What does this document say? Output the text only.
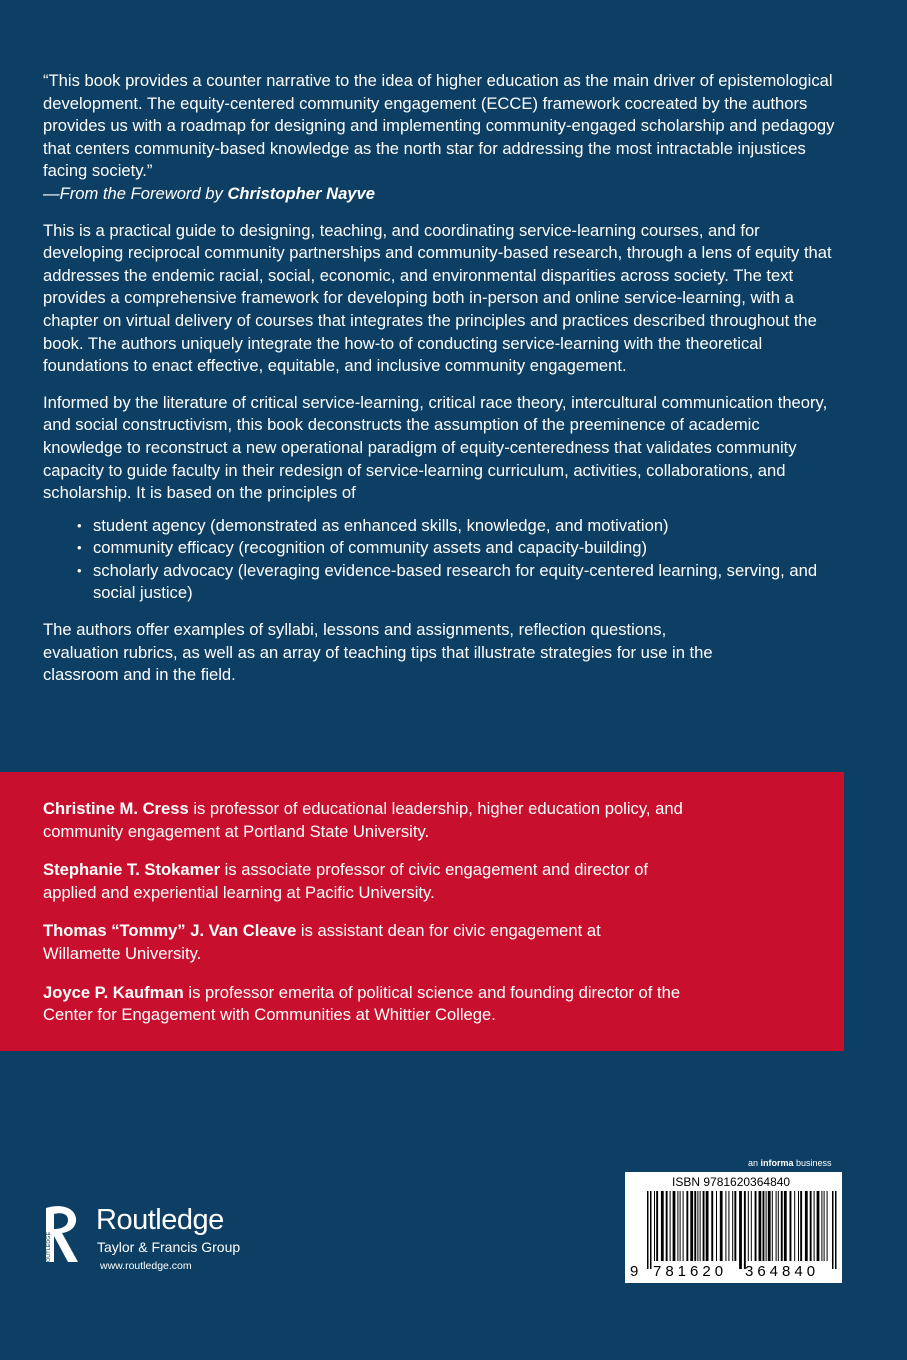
“This book provides a counter narrative to the idea of higher education as the main driver of epistemological development. The equity-centered community engagement (ECCE) framework cocreated by the authors provides us with a roadmap for designing and implementing community-engaged scholarship and pedagogy that centers community-based knowledge as the north star for addressing the most intractable injustices facing society.”
—From the Foreword by Christopher Nayve

This is a practical guide to designing, teaching, and coordinating service-learning courses, and for developing reciprocal community partnerships and community-based research, through a lens of equity that addresses the endemic racial, social, economic, and environmental disparities across society. The text provides a comprehensive framework for developing both in-person and online service-learning, with a chapter on virtual delivery of courses that integrates the principles and practices described throughout the book. The authors uniquely integrate the how-to of conducting service-learning with the theoretical foundations to enact effective, equitable, and inclusive community engagement.

Informed by the literature of critical service-learning, critical race theory, intercultural communication theory, and social constructivism, this book deconstructs the assumption of the preeminence of academic knowledge to reconstruct a new operational paradigm of equity-centeredness that validates community capacity to guide faculty in their redesign of service-learning curriculum, activities, collaborations, and scholarship. It is based on the principles of

• student agency (demonstrated as enhanced skills, knowledge, and motivation)
• community efficacy (recognition of community assets and capacity-building)
• scholarly advocacy (leveraging evidence-based research for equity-centered learning, serving, and social justice)

The authors offer examples of syllabi, lessons and assignments, reflection questions, evaluation rubrics, as well as an array of teaching tips that illustrate strategies for use in the classroom and in the field.

Christine M. Cress is professor of educational leadership, higher education policy, and community engagement at Portland State University.

Stephanie T. Stokamer is associate professor of civic engagement and director of applied and experiential learning at Pacific University.

Thomas “Tommy” J. Van Cleave is assistant dean for civic engagement at Willamette University.

Joyce P. Kaufman is professor emerita of political science and founding director of the Center for Engagement with Communities at Whittier College.

ROUTLEDGE
Routledge
Taylor & Francis Group
www.routledge.com
an informa business
ISBN 9781620364840
9 781620 364840
